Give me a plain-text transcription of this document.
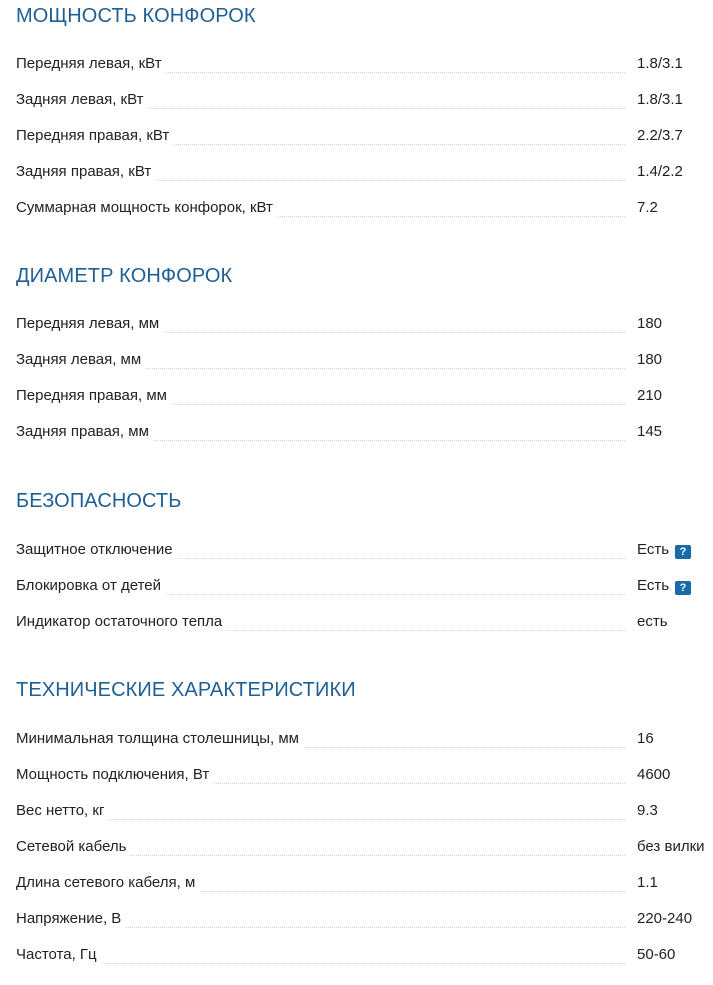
МОЩНОСТЬ КОНФОРОК
Передняя левая, кВт	1.8/3.1
Задняя левая, кВт	1.8/3.1
Передняя правая, кВт	2.2/3.7
Задняя правая, кВт	1.4/2.2
Суммарная мощность конфорок, кВт	7.2
ДИАМЕТР КОНФОРОК
Передняя левая, мм	180
Задняя левая, мм	180
Передняя правая, мм	210
Задняя правая, мм	145
БЕЗОПАСНОСТЬ
Защитное отключение	Есть ?
Блокировка от детей	Есть ?
Индикатор остаточного тепла	есть
ТЕХНИЧЕСКИЕ ХАРАКТЕРИСТИКИ
Минимальная толщина столешницы, мм	16
Мощность подключения, Вт	4600
Вес нетто, кг	9.3
Сетевой кабель	без вилки
Длина сетевого кабеля, м	1.1
Напряжение, В	220-240
Частота, Гц	50-60
